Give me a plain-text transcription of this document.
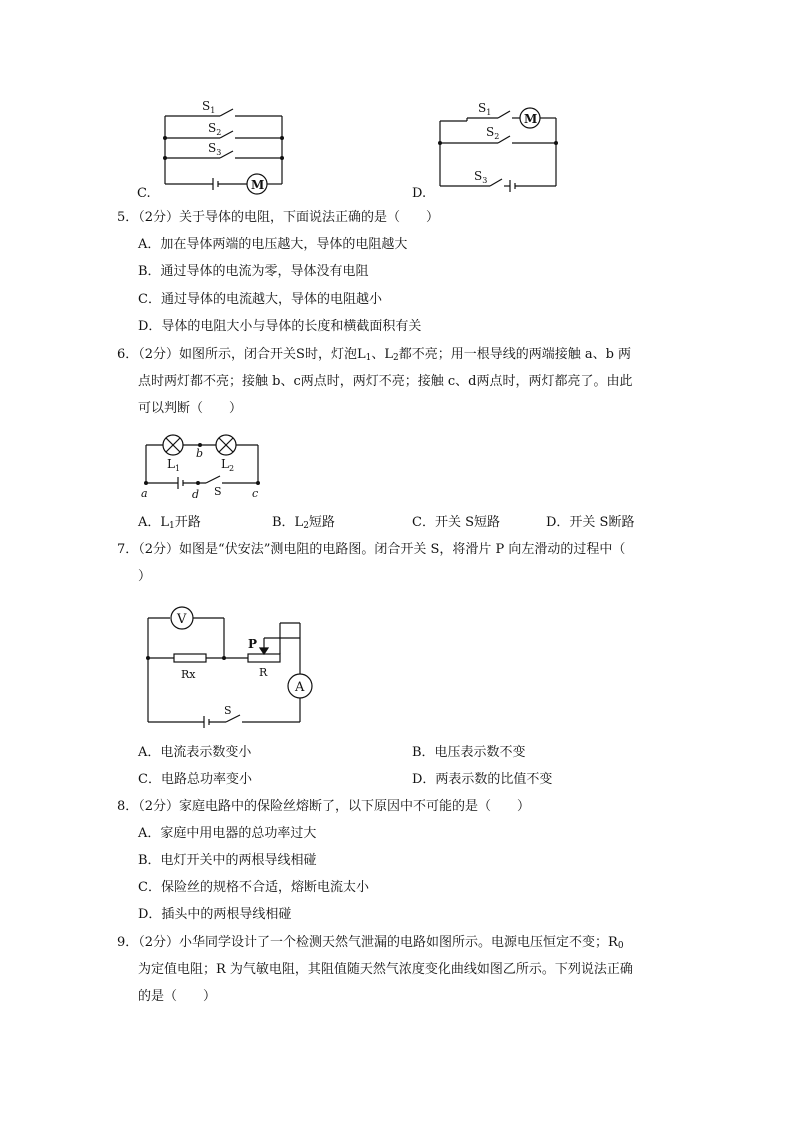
C.
$S_1$
$S_2$
$S_3$
M
D.
$S_1$
$S_2$
$S_3$
M
5．（2分）关于导体的电阻，下面说法正确的是（　　）
A．加在导体两端的电压越大，导体的电阻越大
B．通过导体的电流为零，导体没有电阻
C．通过导体的电流越大，导体的电阻越小
D．导体的电阻大小与导体的长度和横截面积有关
6．（2分）如图所示，闭合开关S时，灯泡$L_1$、$L_2$都不亮；用一根导线的两端接触 a、b 两
点时两灯都不亮；接触 b、c两点时，两灯不亮；接触 c、d两点时，两灯都亮了。由此
可以判断（　　）
$L_1$	$L_2$
b
a	d S	c
A．$L_1$开路	B．$L_2$短路	C．开关 S短路	D．开关 S断路
7．（2分）如图是“伏安法”测电阻的电路图。闭合开关 S，将滑片 P 向左滑动的过程中（
）
V
A
P
Rx	R
S
A．电流表示数变小	B．电压表示数不变
C．电路总功率变小	D．两表示数的比值不变
8．（2分）家庭电路中的保险丝熔断了，以下原因中不可能的是（　　）
A．家庭中用电器的总功率过大
B．电灯开关中的两根导线相碰
C．保险丝的规格不合适，熔断电流太小
D．插头中的两根导线相碰
9．（2分）小华同学设计了一个检测天然气泄漏的电路如图所示。电源电压恒定不变；$R_0$
为定值电阻；R 为气敏电阻，其阻值随天然气浓度变化曲线如图乙所示。下列说法正确
的是（　　）
